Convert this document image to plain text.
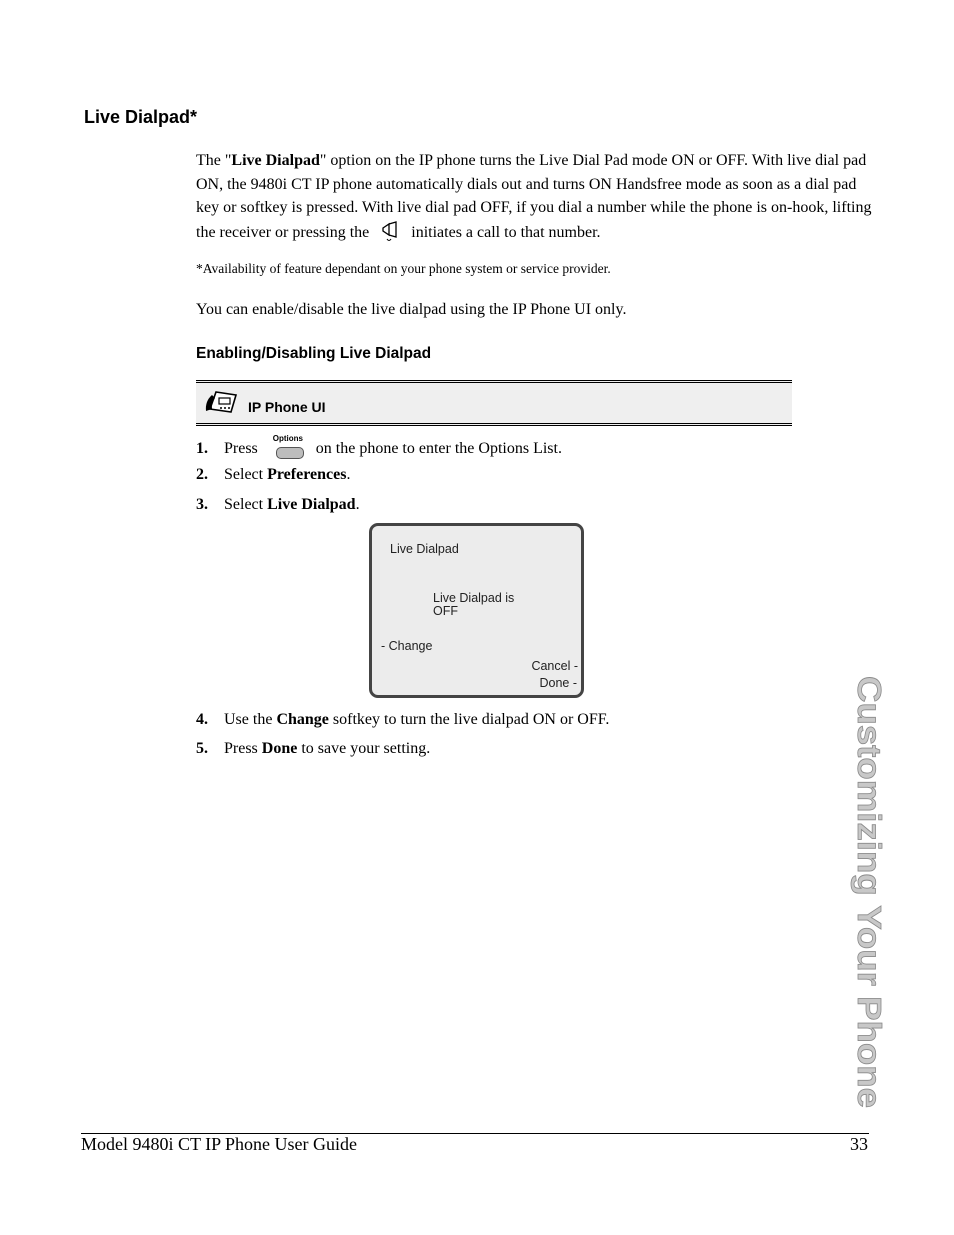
Live Dialpad*
The "Live Dialpad" option on the IP phone turns the Live Dial Pad mode ON or OFF. With live dial pad ON, the 9480i CT IP phone automatically dials out and turns ON Handsfree mode as soon as a dial pad key or softkey is pressed. With live dial pad OFF, if you dial a number while the phone is on-hook, lifting the receiver or pressing the	initiates a call to that number.
*Availability of feature dependant on your phone system or service provider.
You can enable/disable the live dialpad using the IP Phone UI only.
Enabling/Disabling Live Dialpad
IP Phone UI
1. Press
Options
on the phone to enter the Options List.
2. Select Preferences.
3. Select Live Dialpad.
Live Dialpad
Live Dialpad is
OFF
- Change
Cancel -
Done -
4. Use the Change softkey to turn the live dialpad ON or OFF.
5. Press Done to save your setting.	Customizing Your Phone
Model 9480i CT IP Phone User Guide	33
